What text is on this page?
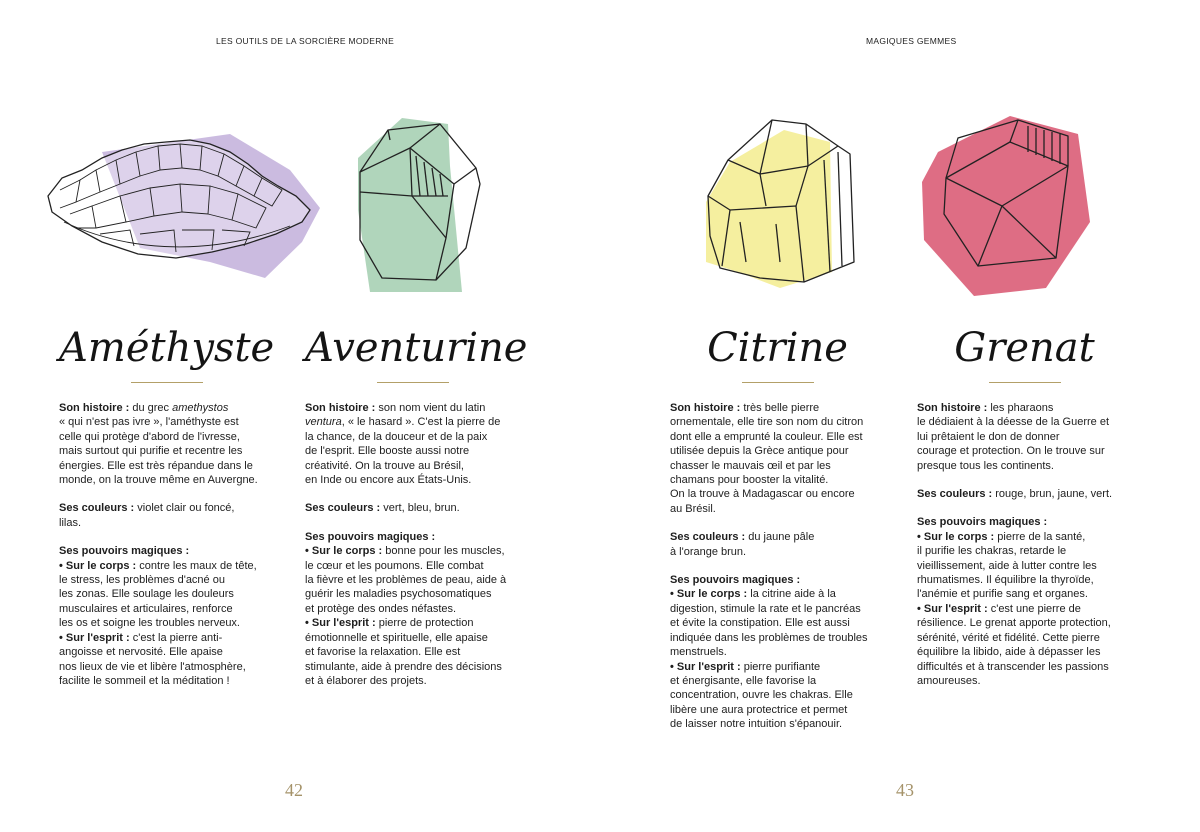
LES OUTILS DE LA SORCIÈRE MODERNE
Améthyste

Son histoire : du grec amethystos

« qui n'est pas ivre », l'améthyste est

celle qui protège d'abord de l'ivresse,

mais surtout qui purifie et recentre les

énergies. Elle est très répandue dans le

monde, on la trouve même en Auvergne.

Ses couleurs : violet clair ou foncé,

lilas.

Ses pouvoirs magiques :

• Sur le corps : contre les maux de tête,

le stress, les problèmes d'acné ou

les zonas. Elle soulage les douleurs

musculaires et articulaires, renforce

les os et soigne les troubles nerveux.

• Sur l'esprit : c'est la pierre anti-

angoisse et nervosité. Elle apaise

nos lieux de vie et libère l'atmosphère,

facilite le sommeil et la méditation !

Aventurine

Son histoire : son nom vient du latin

ventura, « le hasard ». C'est la pierre de

la chance, de la douceur et de la paix

de l'esprit. Elle booste aussi notre

créativité. On la trouve au Brésil,

en Inde ou encore aux États-Unis.

Ses couleurs : vert, bleu, brun.

Ses pouvoirs magiques :

• Sur le corps : bonne pour les muscles,

le cœur et les poumons. Elle combat

la fièvre et les problèmes de peau, aide à

guérir les maladies psychosomatiques

et protège des ondes néfastes.

• Sur l'esprit : pierre de protection

émotionnelle et spirituelle, elle apaise

et favorise la relaxation. Elle est

stimulante, aide à prendre des décisions

et à élaborer des projets.

42
MAGIQUES GEMMES
Citrine

Son histoire : très belle pierre

ornementale, elle tire son nom du citron

dont elle a emprunté la couleur. Elle est

utilisée depuis la Grèce antique pour

chasser le mauvais œil et par les

chamans pour booster la vitalité.

On la trouve à Madagascar ou encore

au Brésil.

Ses couleurs : du jaune pâle

à l'orange brun.

Ses pouvoirs magiques :

• Sur le corps : la citrine aide à la

digestion, stimule la rate et le pancréas

et évite la constipation. Elle est aussi

indiquée dans les problèmes de troubles

menstruels.

• Sur l'esprit : pierre purifiante

et énergisante, elle favorise la

concentration, ouvre les chakras. Elle

libère une aura protectrice et permet

de laisser notre intuition s'épanouir.

Grenat

Son histoire : les pharaons

le dédiaient à la déesse de la Guerre et

lui prêtaient le don de donner

courage et protection. On le trouve sur

presque tous les continents.

Ses couleurs : rouge, brun, jaune, vert.

Ses pouvoirs magiques :

• Sur le corps : pierre de la santé,

il purifie les chakras, retarde le

vieillissement, aide à lutter contre les

rhumatismes. Il équilibre la thyroïde,

l'anémie et purifie sang et organes.

• Sur l'esprit : c'est une pierre de

résilience. Le grenat apporte protection,

sérénité, vérité et fidélité. Cette pierre

équilibre la libido, aide à dépasser les

difficultés et à transcender les passions

amoureuses.

43
